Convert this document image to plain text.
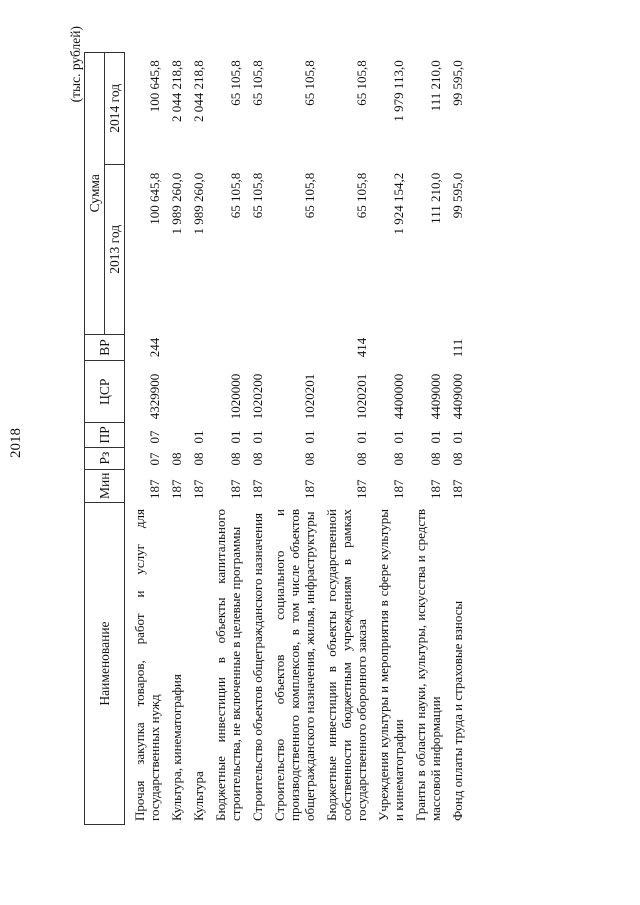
2018
(тыс. рублей)
Наименование	Мин	Рз	ПР	ЦСР	ВР	Сумма	
						2013 год	2014 год
Прочая закупка товаров, работ и услуг для государственных нужд	187	07	07	4329900	244	100 645,8	100 645,8
Культура, кинематография	187	08				1 989 260,0	2 044 218,8
Культура	187	08	01			1 989 260,0	2 044 218,8
Бюджетные инвестиции в объекты капитального строительства, не включенные в целевые программы	187	08	01	1020000		65 105,8	65 105,8
Строительство объектов общегражданского назначения	187	08	01	1020200		65 105,8	65 105,8
Строительство объектов социального и производственного комплексов, в том числе объектов общегражданского назначения, жилья, инфраструктуры	187	08	01	1020201		65 105,8	65 105,8
Бюджетные инвестиции в объекты государственной собственности бюджетным учреждениям в рамках государственного оборонного заказа	187	08	01	1020201	414	65 105,8	65 105,8
Учреждения культуры и мероприятия в сфере культуры и кинематографии	187	08	01	4400000		1 924 154,2	1 979 113,0
Гранты в области науки, культуры, искусства и средств массовой информации	187	08	01	4409000		111 210,0	111 210,0
Фонд оплаты труда и страховые взносы	187	08	01	4409000	111	99 595,0	99 595,0
